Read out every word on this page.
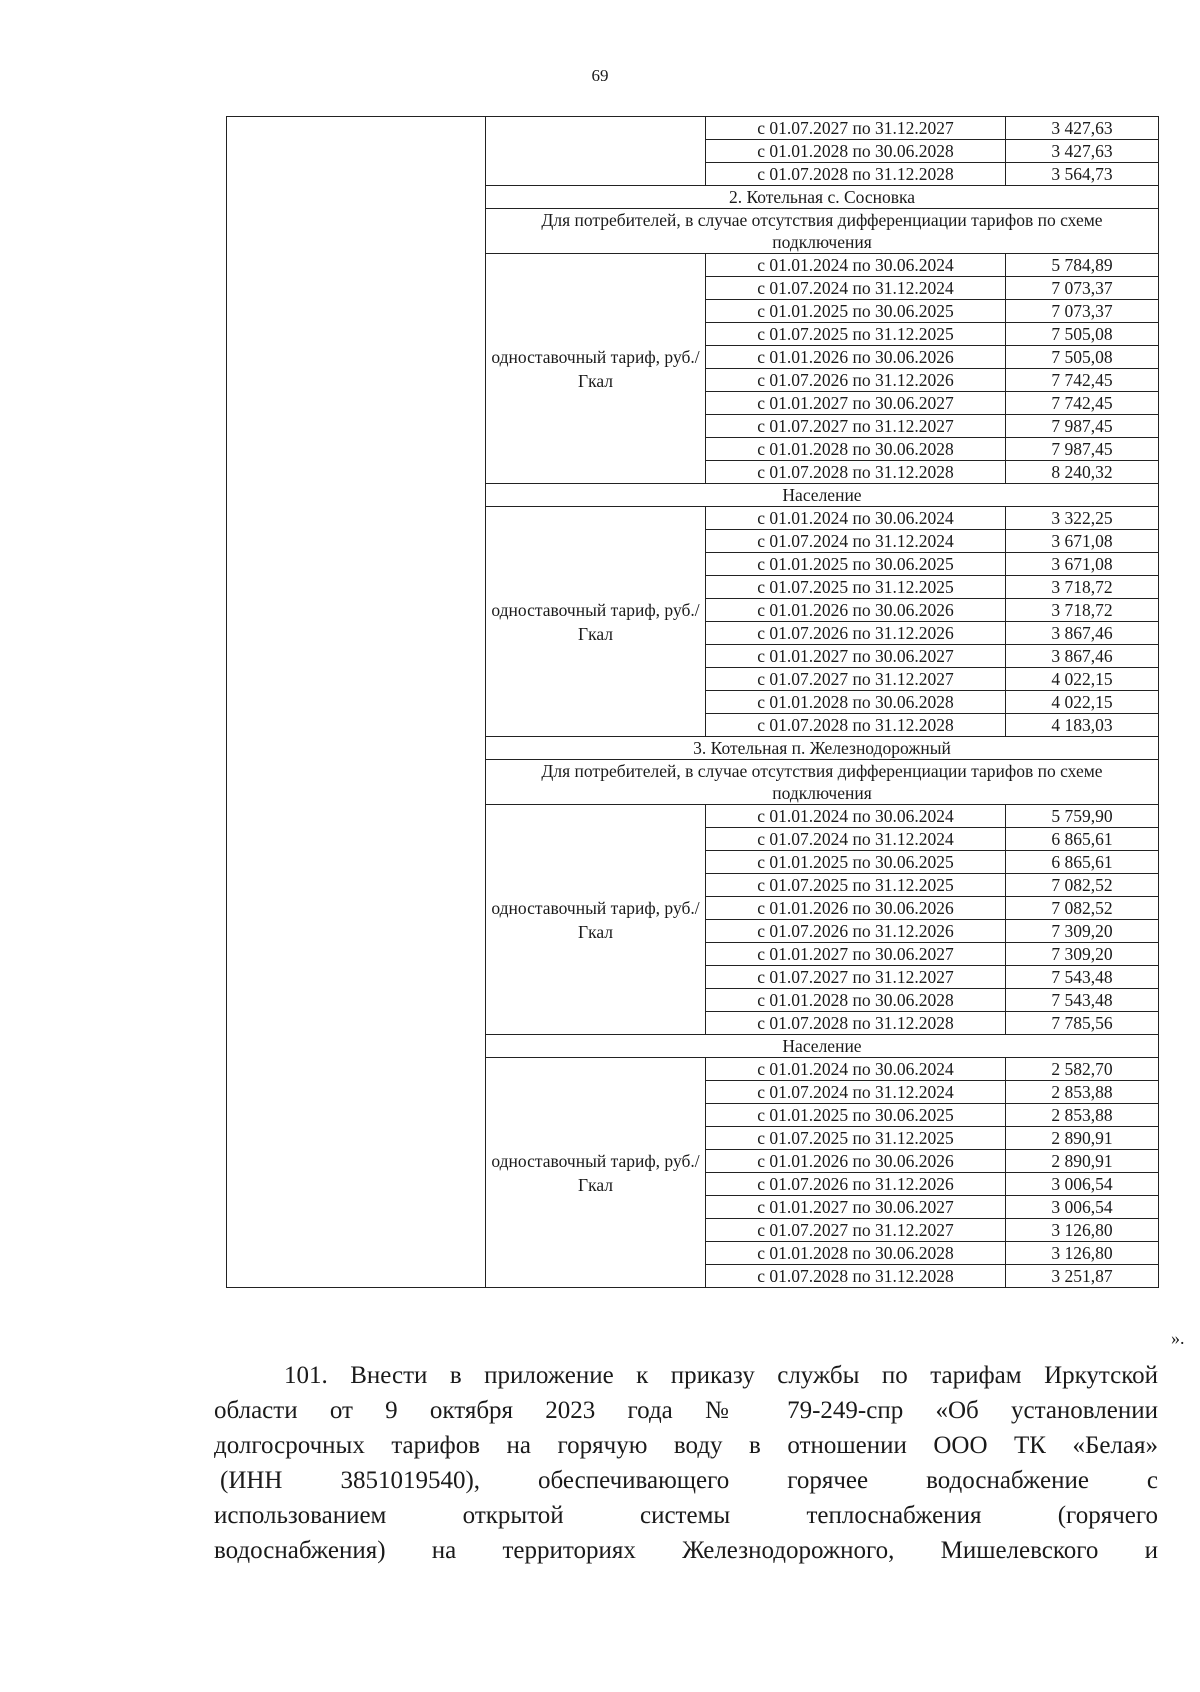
69
		с 01.07.2027 по 31.12.2027	3 427,63
		с 01.01.2028 по 30.06.2028	3 427,63
		с 01.07.2028 по 31.12.2028	3 564,73
	2. Котельная с. Сосновка		
	Для потребителей, в случае отсутствия дифференциации тарифов по схеме подключения		
	одноставочный тариф, руб./Гкал	с 01.01.2024 по 30.06.2024	5 784,89
		с 01.07.2024 по 31.12.2024	7 073,37
		с 01.01.2025 по 30.06.2025	7 073,37
		с 01.07.2025 по 31.12.2025	7 505,08
		с 01.01.2026 по 30.06.2026	7 505,08
		с 01.07.2026 по 31.12.2026	7 742,45
		с 01.01.2027 по 30.06.2027	7 742,45
		с 01.07.2027 по 31.12.2027	7 987,45
		с 01.01.2028 по 30.06.2028	7 987,45
		с 01.07.2028 по 31.12.2028	8 240,32
	Население		
	одноставочный тариф, руб./Гкал	с 01.01.2024 по 30.06.2024	3 322,25
		с 01.07.2024 по 31.12.2024	3 671,08
		с 01.01.2025 по 30.06.2025	3 671,08
		с 01.07.2025 по 31.12.2025	3 718,72
		с 01.01.2026 по 30.06.2026	3 718,72
		с 01.07.2026 по 31.12.2026	3 867,46
		с 01.01.2027 по 30.06.2027	3 867,46
		с 01.07.2027 по 31.12.2027	4 022,15
		с 01.01.2028 по 30.06.2028	4 022,15
		с 01.07.2028 по 31.12.2028	4 183,03
	3. Котельная п. Железнодорожный		
	Для потребителей, в случае отсутствия дифференциации тарифов по схеме подключения		
	одноставочный тариф, руб./Гкал	с 01.01.2024 по 30.06.2024	5 759,90
		с 01.07.2024 по 31.12.2024	6 865,61
		с 01.01.2025 по 30.06.2025	6 865,61
		с 01.07.2025 по 31.12.2025	7 082,52
		с 01.01.2026 по 30.06.2026	7 082,52
		с 01.07.2026 по 31.12.2026	7 309,20
		с 01.01.2027 по 30.06.2027	7 309,20
		с 01.07.2027 по 31.12.2027	7 543,48
		с 01.01.2028 по 30.06.2028	7 543,48
		с 01.07.2028 по 31.12.2028	7 785,56
	Население		
	одноставочный тариф, руб./Гкал	с 01.01.2024 по 30.06.2024	2 582,70
		с 01.07.2024 по 31.12.2024	2 853,88
		с 01.01.2025 по 30.06.2025	2 853,88
		с 01.07.2025 по 31.12.2025	2 890,91
		с 01.01.2026 по 30.06.2026	2 890,91
		с 01.07.2026 по 31.12.2026	3 006,54
		с 01.01.2027 по 30.06.2027	3 006,54
		с 01.07.2027 по 31.12.2027	3 126,80
		с 01.01.2028 по 30.06.2028	3 126,80
		с 01.07.2028 по 31.12.2028	3 251,87
».
101. Внести в приложение к приказу службы по тарифам Иркутской
области от 9 октября 2023 года № 79-249-спр «Об установлении
долгосрочных тарифов на горячую воду в отношении ООО ТК «Белая»
(ИНН 3851019540), обеспечивающего горячее водоснабжение с
использованием открытой системы теплоснабжения (горячего
водоснабжения) на территориях Железнодорожного, Мишелевского и
